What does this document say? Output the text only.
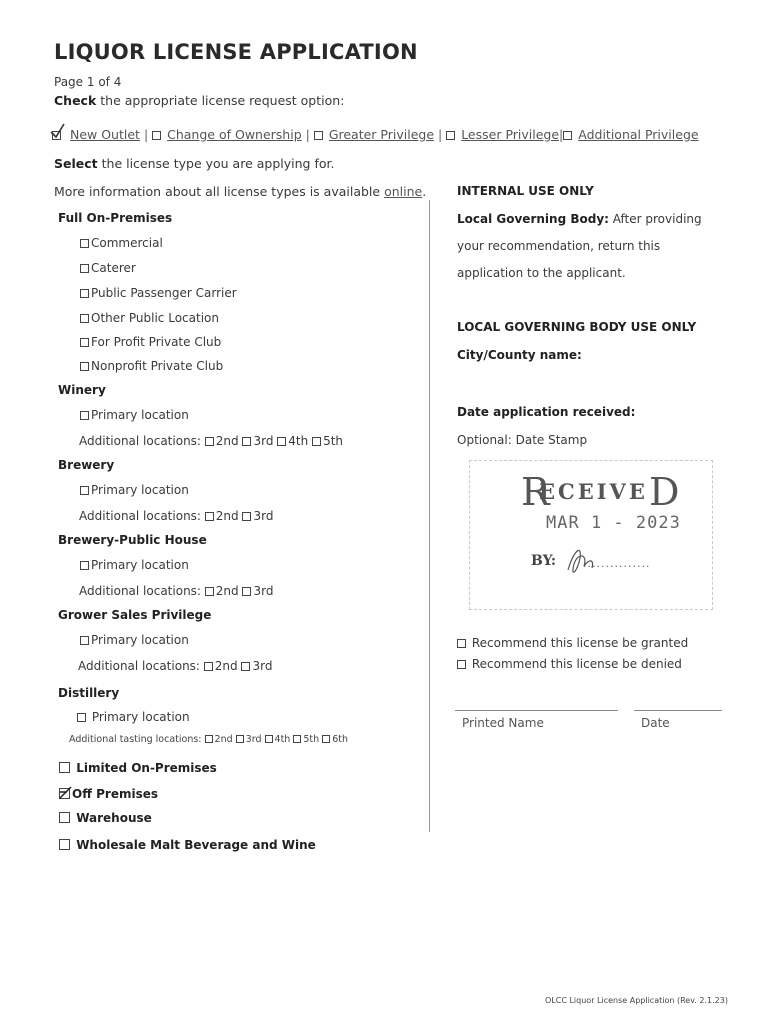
LIQUOR LICENSE APPLICATION
Page 1 of 4
Check the appropriate license request option:
New Outlet | Change of Ownership | Greater Privilege | Lesser Privilege| Additional Privilege
Select the license type you are applying for.
More information about all license types is available online.
Full On-Premises
Commercial
Caterer
Public Passenger Carrier
Other Public Location
For Profit Private Club
Nonprofit Private Club
Winery
Primary location
Additional locations: 2nd 3rd 4th 5th
Brewery
Primary location
Additional locations: 2nd 3rd
Brewery-Public House
Primary location
Additional locations: 2nd 3rd
Grower Sales Privilege
Primary location
Additional locations: 2nd 3rd
Distillery
Primary location
Additional tasting locations: 2nd 3rd 4th 5th 6th
Limited On-Premises
Off Premises
Warehouse
Wholesale Malt Beverage and Wine
INTERNAL USE ONLY
Local Governing Body: After providing
your recommendation, return this
application to the applicant.
LOCAL GOVERNING BODY USE ONLY
City/County name:
Date application received:
Optional: Date Stamp
R
ECEIVE D
MAR 1 - 2023
BY: ...............
Recommend this license be granted
Recommend this license be denied
Printed Name	Date
OLCC Liquor License Application (Rev. 2.1.23)
